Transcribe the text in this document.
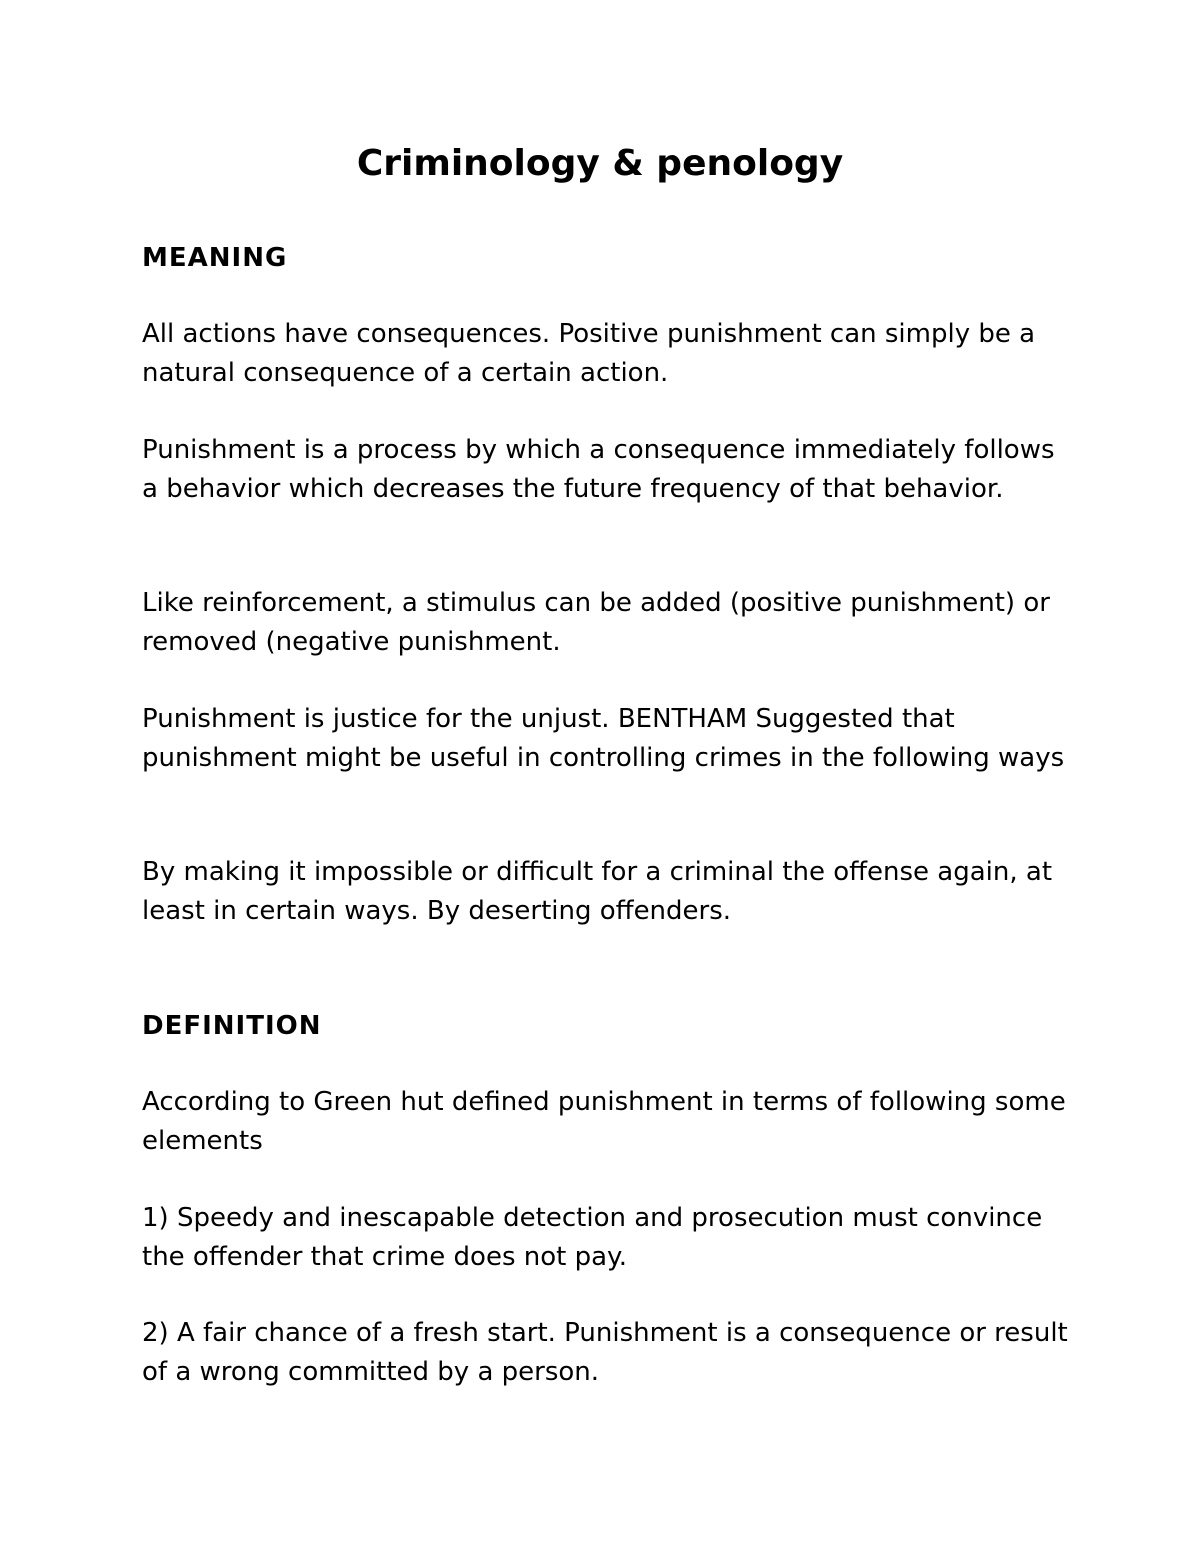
Criminology & penology
MEANING

All actions have consequences. Positive punishment can simply be a natural consequence of a certain action.

Punishment is a process by which a consequence immediately follows a behavior which decreases the future frequency of that behavior.

Like reinforcement, a stimulus can be added (positive punishment) or removed (negative punishment.

Punishment is justice for the unjust. BENTHAM Suggested that punishment might be useful in controlling crimes in the following ways

By making it impossible or difficult for a criminal the offense again, at least in certain ways. By deserting offenders.

DEFINITION

According to Green hut defined punishment in terms of following some elements

1) Speedy and inescapable detection and prosecution must convince the offender that crime does not pay.

2) A fair chance of a fresh start. Punishment is a consequence or result of a wrong committed by a person.
